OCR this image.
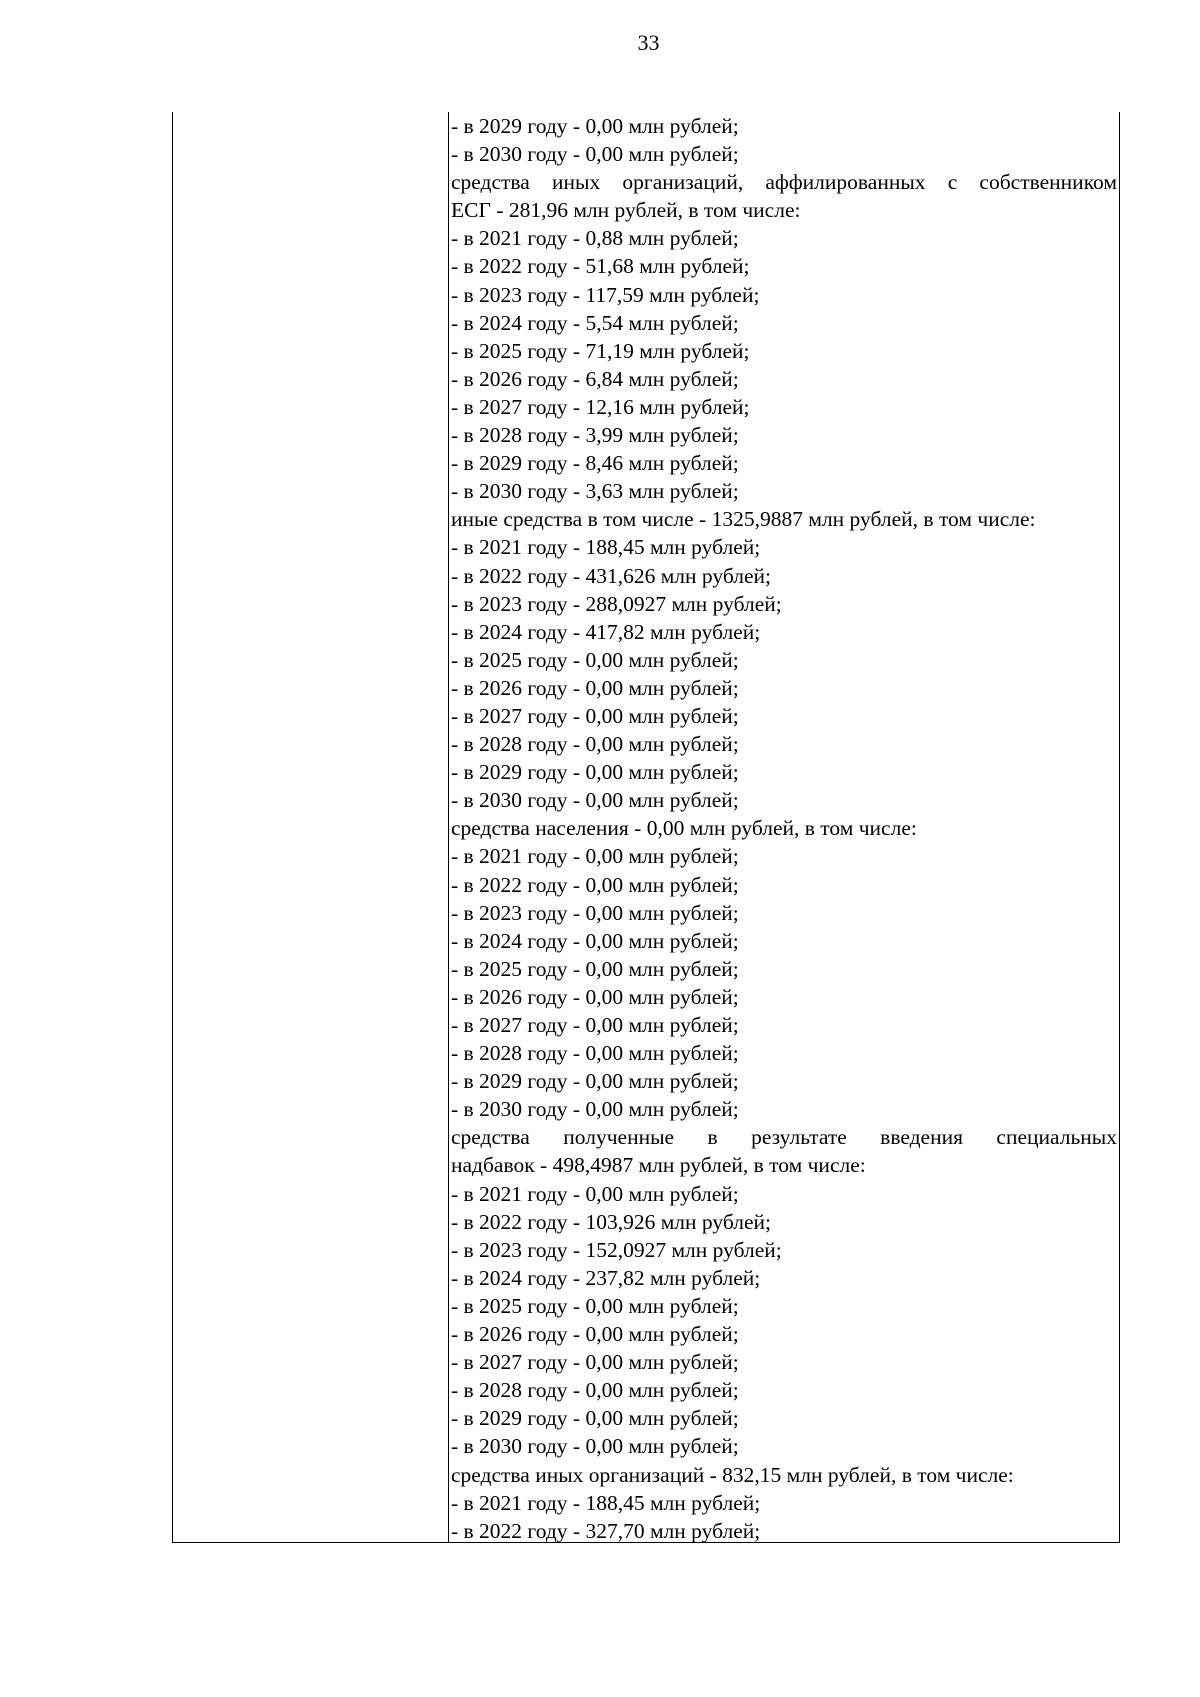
33
- в 2029 году - 0,00 млн рублей;
- в 2030 году - 0,00 млн рублей;
средства иных организаций, аффилированных с собственником
ЕСГ - 281,96 млн рублей, в том числе:
- в 2021 году - 0,88 млн рублей;
- в 2022 году - 51,68 млн рублей;
- в 2023 году - 117,59 млн рублей;
- в 2024 году - 5,54 млн рублей;
- в 2025 году - 71,19 млн рублей;
- в 2026 году - 6,84 млн рублей;
- в 2027 году - 12,16 млн рублей;
- в 2028 году - 3,99 млн рублей;
- в 2029 году - 8,46 млн рублей;
- в 2030 году - 3,63 млн рублей;
иные средства в том числе - 1325,9887 млн рублей, в том числе:
- в 2021 году - 188,45 млн рублей;
- в 2022 году - 431,626 млн рублей;
- в 2023 году - 288,0927 млн рублей;
- в 2024 году - 417,82 млн рублей;
- в 2025 году - 0,00 млн рублей;
- в 2026 году - 0,00 млн рублей;
- в 2027 году - 0,00 млн рублей;
- в 2028 году - 0,00 млн рублей;
- в 2029 году - 0,00 млн рублей;
- в 2030 году - 0,00 млн рублей;
средства населения - 0,00 млн рублей, в том числе:
- в 2021 году - 0,00 млн рублей;
- в 2022 году - 0,00 млн рублей;
- в 2023 году - 0,00 млн рублей;
- в 2024 году - 0,00 млн рублей;
- в 2025 году - 0,00 млн рублей;
- в 2026 году - 0,00 млн рублей;
- в 2027 году - 0,00 млн рублей;
- в 2028 году - 0,00 млн рублей;
- в 2029 году - 0,00 млн рублей;
- в 2030 году - 0,00 млн рублей;
средства полученные в результате введения специальных
надбавок - 498,4987 млн рублей, в том числе:
- в 2021 году - 0,00 млн рублей;
- в 2022 году - 103,926 млн рублей;
- в 2023 году - 152,0927 млн рублей;
- в 2024 году - 237,82 млн рублей;
- в 2025 году - 0,00 млн рублей;
- в 2026 году - 0,00 млн рублей;
- в 2027 году - 0,00 млн рублей;
- в 2028 году - 0,00 млн рублей;
- в 2029 году - 0,00 млн рублей;
- в 2030 году - 0,00 млн рублей;
средства иных организаций - 832,15 млн рублей, в том числе:
- в 2021 году - 188,45 млн рублей;
- в 2022 году - 327,70 млн рублей;
